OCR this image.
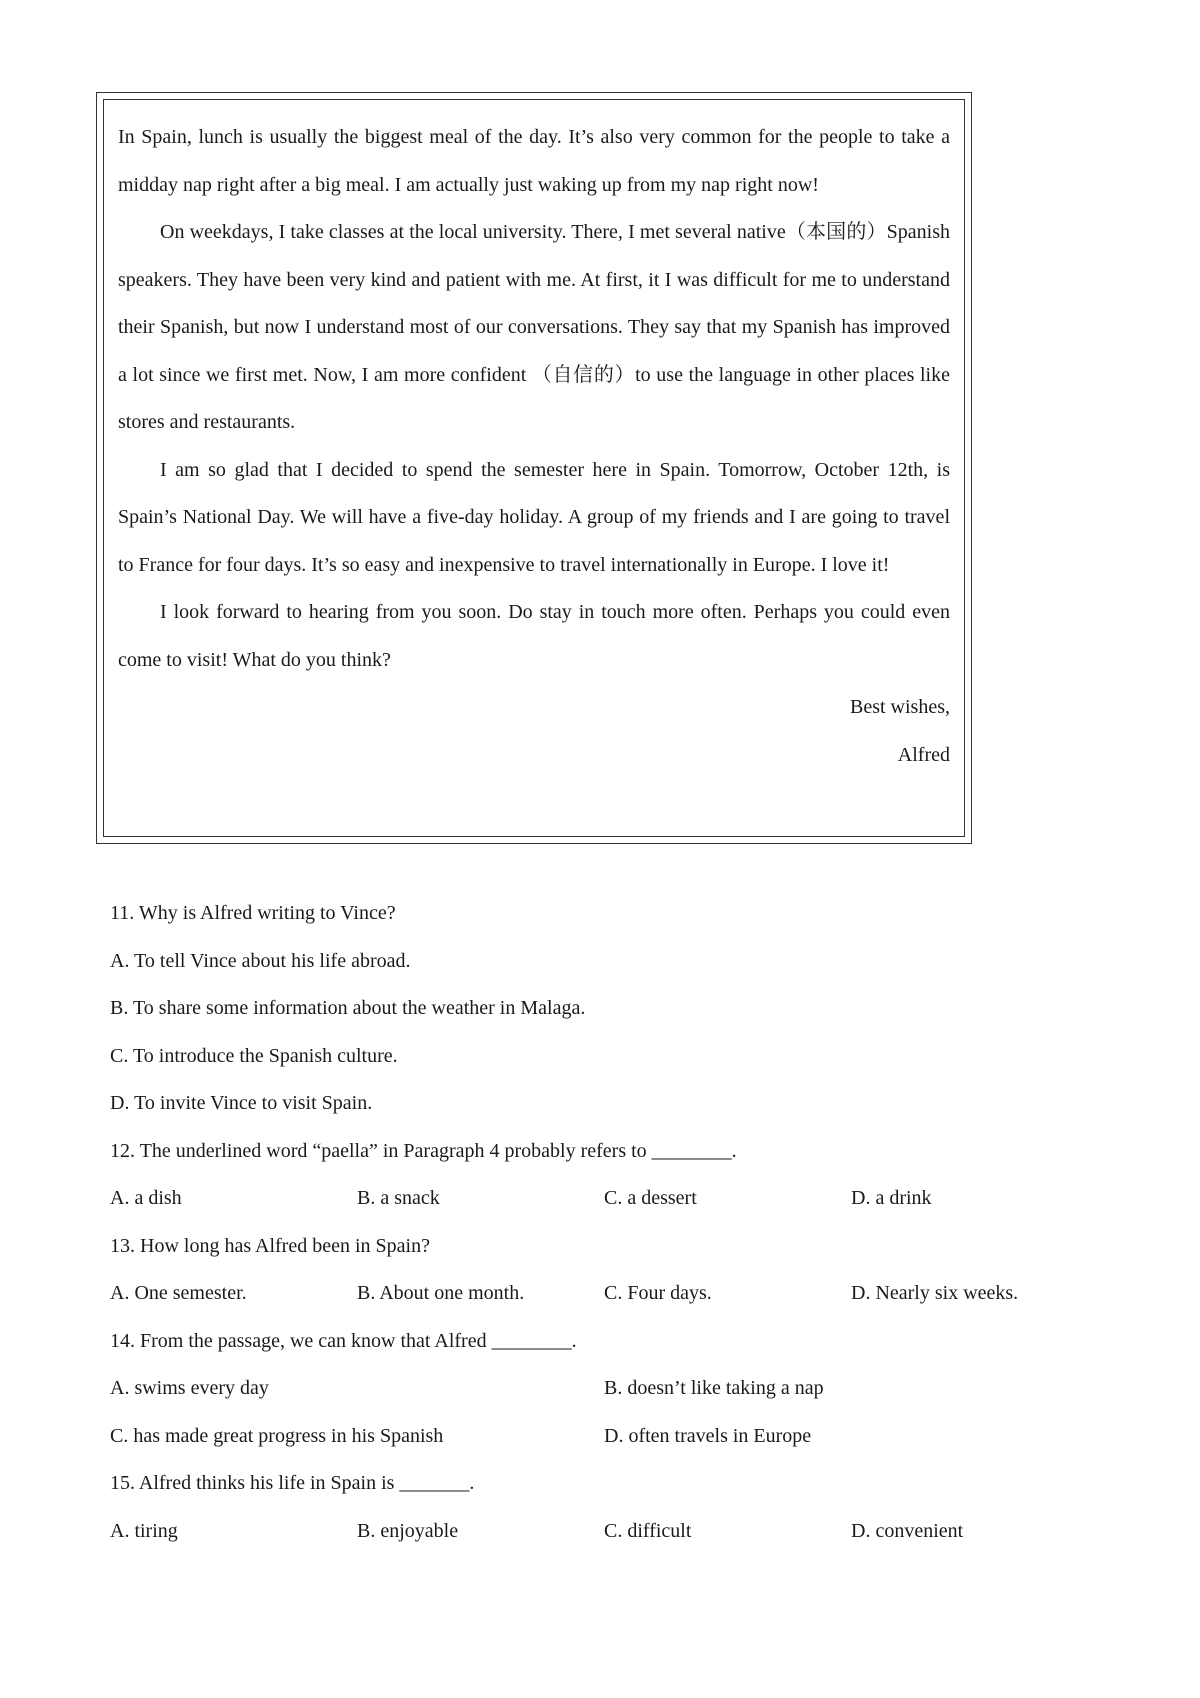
In Spain, lunch is usually the biggest meal of the day. It’s also very common for the people to take a midday nap right after a big meal. I am actually just waking up from my nap right now!

On weekdays, I take classes at the local university. There, I met several native（本国的）Spanish speakers. They have been very kind and patient with me. At first, it I was difficult for me to understand their Spanish, but now I understand most of our conversations. They say that my Spanish has improved a lot since we first met. Now, I am more confident （自信的）to use the language in other places like stores and restaurants.

I am so glad that I decided to spend the semester here in Spain. Tomorrow, October 12th, is Spain’s National Day. We will have a five-day holiday. A group of my friends and I are going to travel to France for four days. It’s so easy and inexpensive to travel internationally in Europe. I love it!

I look forward to hearing from you soon. Do stay in touch more often. Perhaps you could even come to visit! What do you think?

Best wishes,

Alfred

11. Why is Alfred writing to Vince?
A. To tell Vince about his life abroad.
B. To share some information about the weather in Malaga.
C. To introduce the Spanish culture.
D. To invite Vince to visit Spain.
12. The underlined word “paella” in Paragraph 4 probably refers to ________.
A. a dish	B. a snack	C. a dessert	D. a drink
13. How long has Alfred been in Spain?
A. One semester.	B. About one month.	C. Four days.	D. Nearly six weeks.
14. From the passage, we can know that Alfred ________.
A. swims every day	B. doesn’t like taking a nap
C. has made great progress in his Spanish	D. often travels in Europe
15. Alfred thinks his life in Spain is _______.
A. tiring	B. enjoyable	C. difficult	D. convenient
